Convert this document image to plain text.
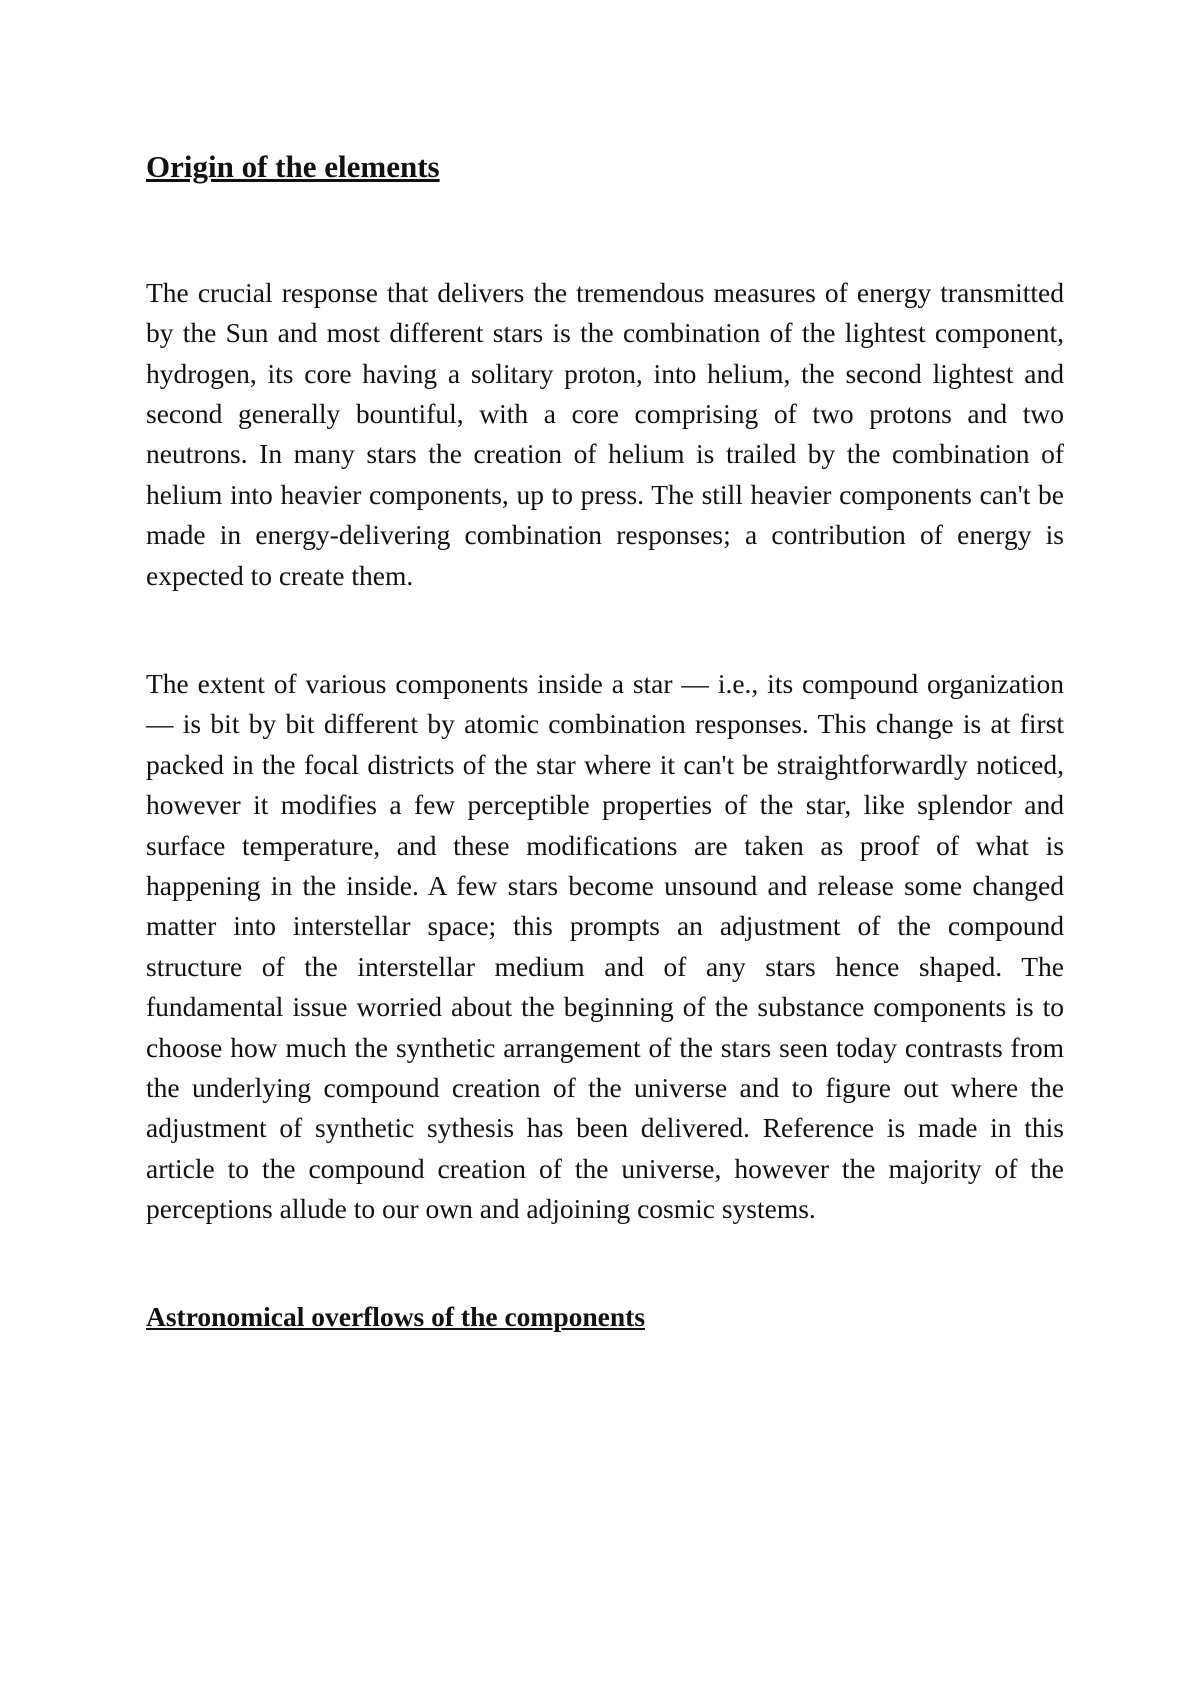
Origin of the elements

The crucial response that delivers the tremendous measures of energy transmitted by the Sun and most different stars is the combination of the lightest component, hydrogen, its core having a solitary proton, into helium, the second lightest and second generally bountiful, with a core comprising of two protons and two neutrons. In many stars the creation of helium is trailed by the combination of helium into heavier components, up to press. The still heavier components can't be made in energy-delivering combination responses; a contribution of energy is expected to create them.

The extent of various components inside a star — i.e., its compound organization — is bit by bit different by atomic combination responses. This change is at first packed in the focal districts of the star where it can't be straightforwardly noticed, however it modifies a few perceptible properties of the star, like splendor and surface temperature, and these modifications are taken as proof of what is happening in the inside. A few stars become unsound and release some changed matter into interstellar space; this prompts an adjustment of the compound structure of the interstellar medium and of any stars hence shaped. The fundamental issue worried about the beginning of the substance components is to choose how much the synthetic arrangement of the stars seen today contrasts from the underlying compound creation of the universe and to figure out where the adjustment of synthetic sythesis has been delivered. Reference is made in this article to the compound creation of the universe, however the majority of the perceptions allude to our own and adjoining cosmic systems.

Astronomical overflows of the components
